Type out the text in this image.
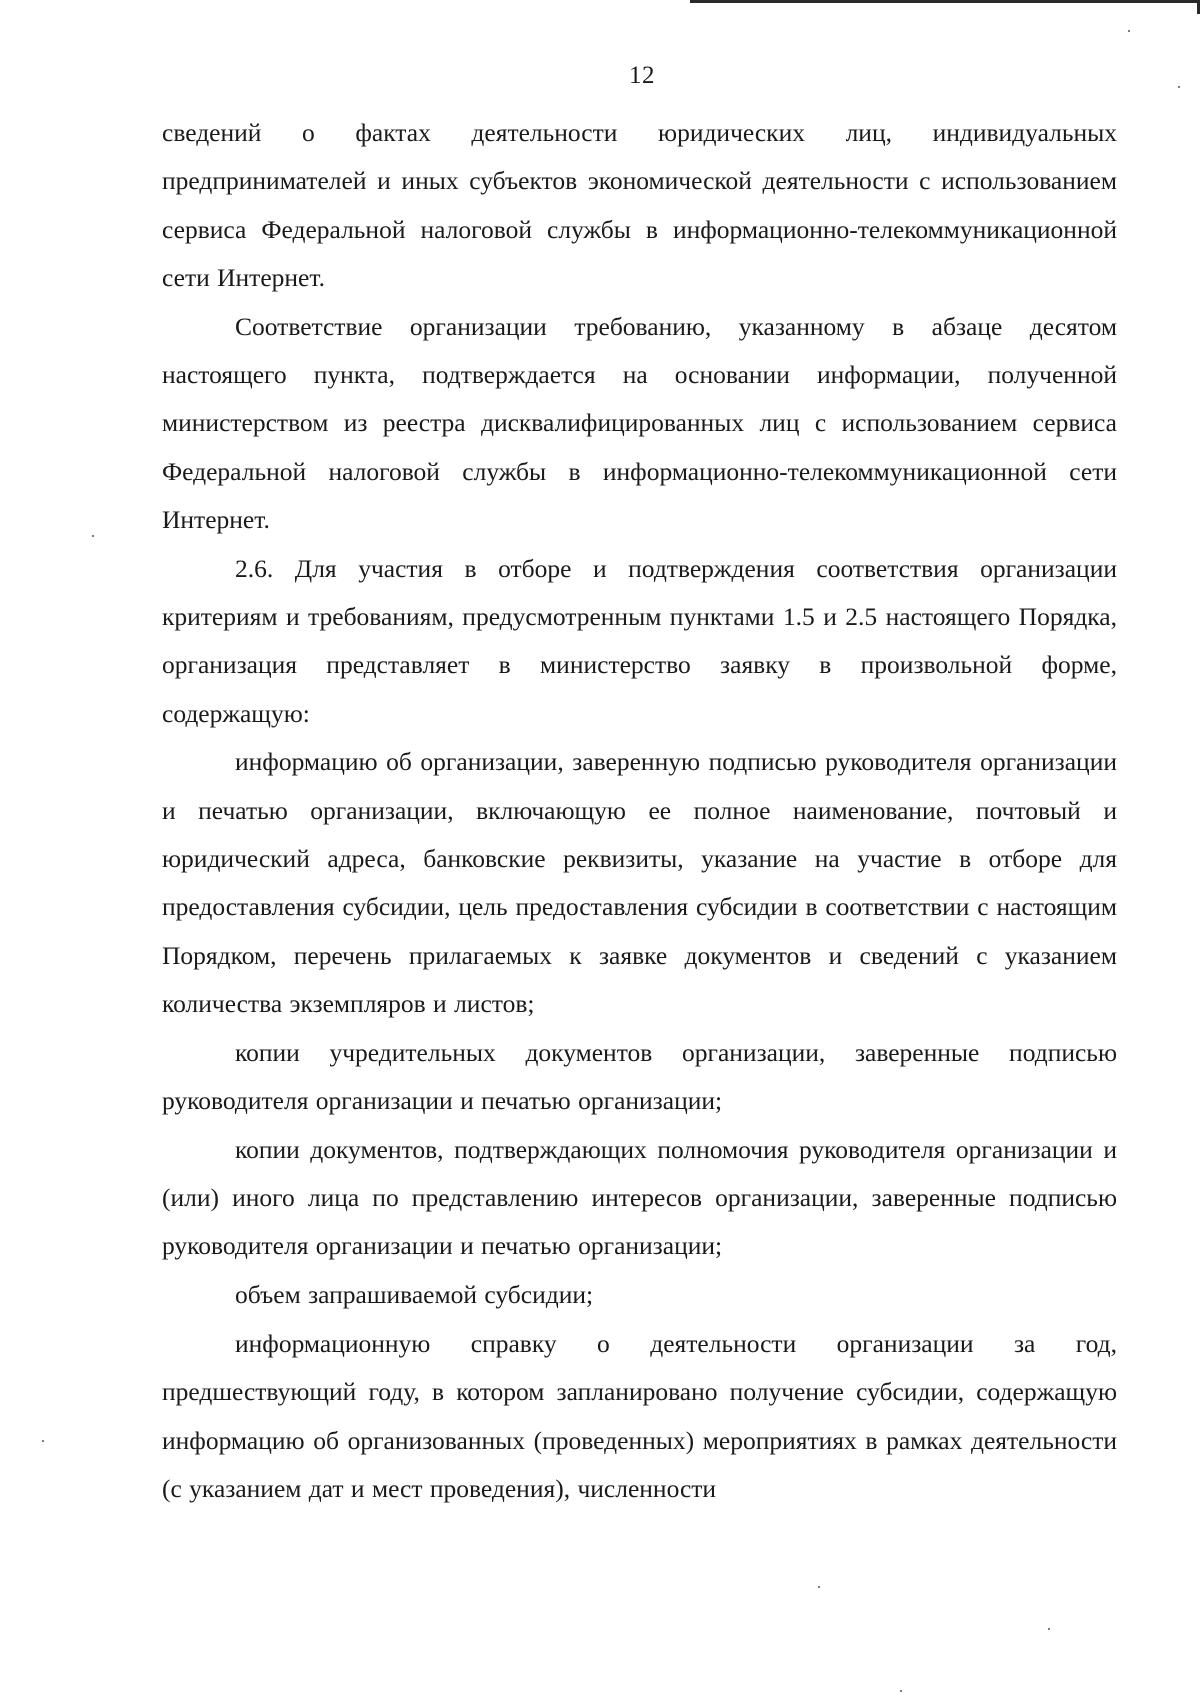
12

сведений о фактах деятельности юридических лиц, индивидуальных предпринимателей и иных субъектов экономической деятельности с использованием сервиса Федеральной налоговой службы в информационно-телекоммуникационной сети Интернет.

Соответствие организации требованию, указанному в абзаце десятом настоящего пункта, подтверждается на основании информации, полученной министерством из реестра дисквалифицированных лиц с использованием сервиса Федеральной налоговой службы в информационно-телекоммуникационной сети Интернет.

2.6. Для участия в отборе и подтверждения соответствия организации критериям и требованиям, предусмотренным пунктами 1.5 и 2.5 настоящего Порядка, организация представляет в министерство заявку в произвольной форме, содержащую:

информацию об организации, заверенную подписью руководителя организации и печатью организации, включающую ее полное наименование, почтовый и юридический адреса, банковские реквизиты, указание на участие в отборе для предоставления субсидии, цель предоставления субсидии в соответствии с настоящим Порядком, перечень прилагаемых к заявке документов и сведений с указанием количества экземпляров и листов;

копии учредительных документов организации, заверенные подписью руководителя организации и печатью организации;

копии документов, подтверждающих полномочия руководителя организации и (или) иного лица по представлению интересов организации, заверенные подписью руководителя организации и печатью организации;

объем запрашиваемой субсидии;

информационную справку о деятельности организации за год, предшествующий году, в котором запланировано получение субсидии, содержащую информацию об организованных (проведенных) мероприятиях в рамках деятельности (с указанием дат и мест проведения), численности
